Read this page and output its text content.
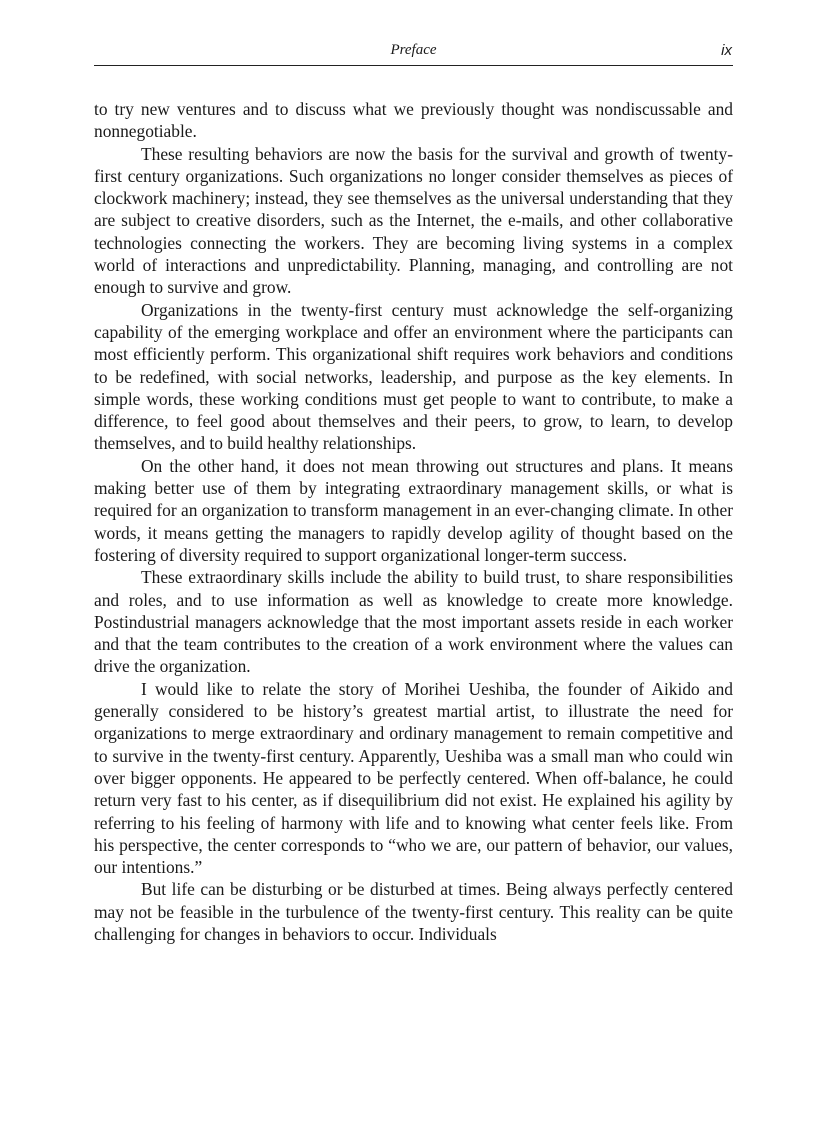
Preface	ix

to try new ventures and to discuss what we previously thought was nondiscussable and nonnegotiable.

These resulting behaviors are now the basis for the survival and growth of twenty-first century organizations. Such organizations no longer consider themselves as pieces of clockwork machinery; instead, they see themselves as the universal understanding that they are subject to creative disorders, such as the Internet, the e-mails, and other collaborative technologies connecting the workers. They are becoming living systems in a complex world of interactions and unpredictability. Planning, managing, and controlling are not enough to survive and grow.

Organizations in the twenty-first century must acknowledge the self-organizing capability of the emerging workplace and offer an environment where the participants can most efficiently perform. This organizational shift requires work behaviors and conditions to be redefined, with social networks, leadership, and purpose as the key elements. In simple words, these working conditions must get people to want to contribute, to make a difference, to feel good about themselves and their peers, to grow, to learn, to develop themselves, and to build healthy relationships.

On the other hand, it does not mean throwing out structures and plans. It means making better use of them by integrating extraordinary management skills, or what is required for an organization to transform management in an ever-changing climate. In other words, it means getting the managers to rapidly develop agility of thought based on the fostering of diversity required to support organizational longer-term success.

These extraordinary skills include the ability to build trust, to share responsibilities and roles, and to use information as well as knowledge to create more knowledge. Postindustrial managers acknowledge that the most important assets reside in each worker and that the team contributes to the creation of a work environment where the values can drive the organization.

I would like to relate the story of Morihei Ueshiba, the founder of Aikido and generally considered to be history’s greatest martial artist, to illustrate the need for organizations to merge extraordinary and ordinary management to remain competitive and to survive in the twenty-first century. Apparently, Ueshiba was a small man who could win over bigger opponents. He appeared to be perfectly centered. When off-balance, he could return very fast to his center, as if disequilibrium did not exist. He explained his agility by referring to his feeling of harmony with life and to knowing what center feels like. From his perspective, the center corresponds to “who we are, our pattern of behavior, our values, our intentions.”

But life can be disturbing or be disturbed at times. Being always perfectly centered may not be feasible in the turbulence of the twenty-first century. This reality can be quite challenging for changes in behaviors to occur. Individuals
